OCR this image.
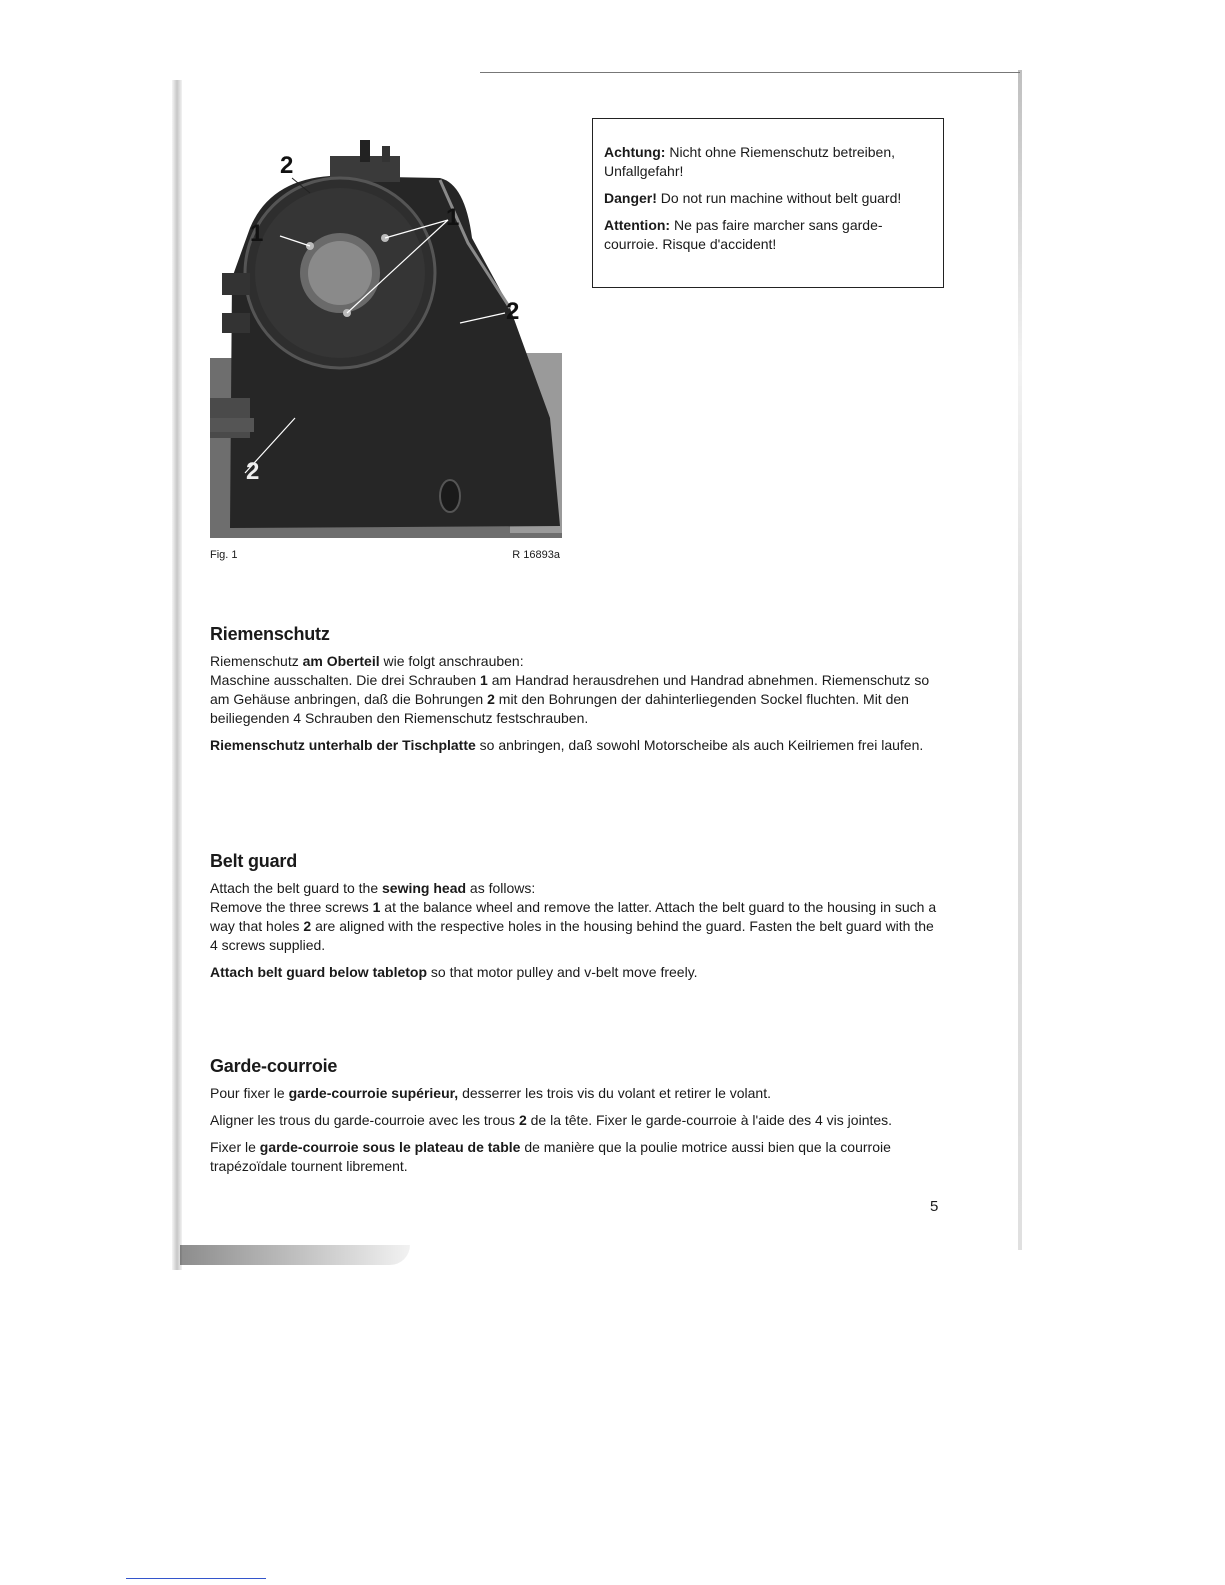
2
1
1
2
2
Fig. 1	R 16893a

Achtung: Nicht ohne Riemenschutz betreiben, Unfallgefahr!

Danger! Do not run machine without belt guard!

Attention: Ne pas faire marcher sans garde-courroie. Risque d'accident!

Riemenschutz

Riemenschutz am Oberteil wie folgt anschrauben:

Maschine ausschalten. Die drei Schrauben 1 am Handrad herausdrehen und Handrad abnehmen. Riemenschutz so am Gehäuse anbringen, daß die Bohrungen 2 mit den Bohrungen der dahinterliegenden Sockel fluchten. Mit den beiliegenden 4 Schrauben den Riemenschutz festschrauben.

Riemenschutz unterhalb der Tischplatte so anbringen, daß sowohl Motorscheibe als auch Keilriemen frei laufen.

Belt guard

Attach the belt guard to the sewing head as follows:

Remove the three screws 1 at the balance wheel and remove the latter. Attach the belt guard to the housing in such a way that holes 2 are aligned with the respective holes in the housing behind the guard. Fasten the belt guard with the 4 screws supplied.

Attach belt guard below tabletop so that motor pulley and v-belt move freely.

Garde-courroie

Pour fixer le garde-courroie supérieur, desserrer les trois vis du volant et retirer le volant.

Aligner les trous du garde-courroie avec les trous 2 de la tête. Fixer le garde-courroie à l'aide des 4 vis jointes.

Fixer le garde-courroie sous le plateau de table de manière que la poulie motrice aussi bien que la courroie trapézoïdale tournent librement.

5
